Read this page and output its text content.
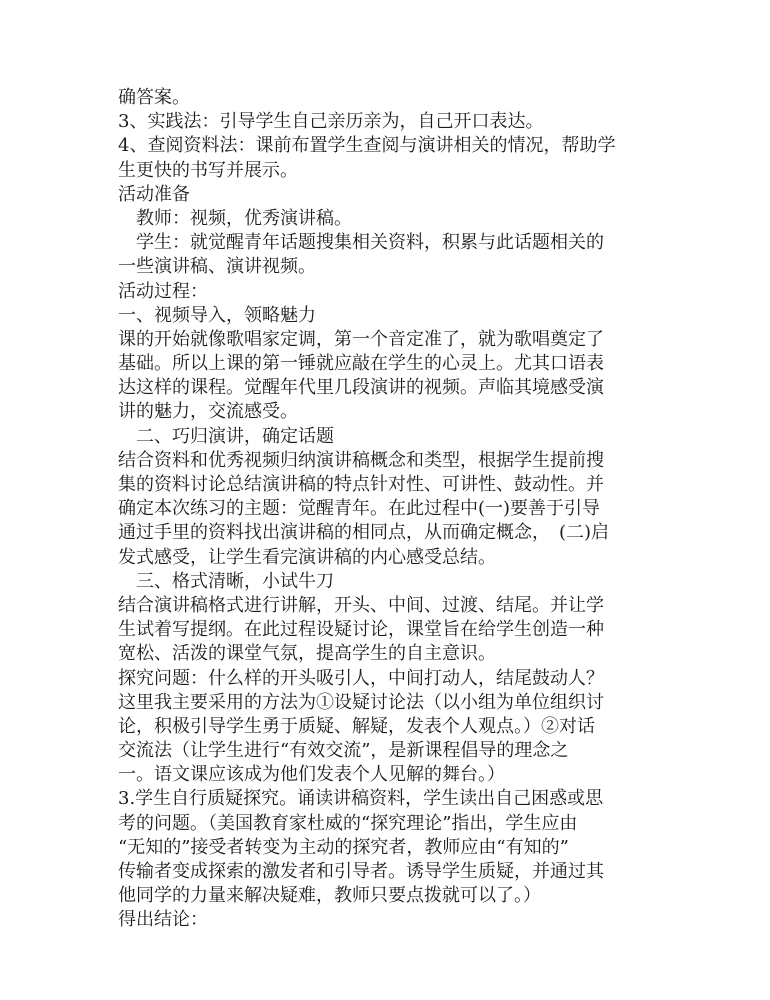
确答案。
3、实践法：引导学生自己亲历亲为，自己开口表达。
4、查阅资料法：课前布置学生查阅与演讲相关的情况，帮助学
生更快的书写并展示。
活动准备
　教师：视频，优秀演讲稿。
　学生：就觉醒青年话题搜集相关资料，积累与此话题相关的
一些演讲稿、演讲视频。
活动过程：
一、视频导入，领略魅力
课的开始就像歌唱家定调，第一个音定准了，就为歌唱奠定了
基础。所以上课的第一锤就应敲在学生的心灵上。尤其口语表
达这样的课程。觉醒年代里几段演讲的视频。声临其境感受演
讲的魅力，交流感受。
　二、巧归演讲，确定话题
结合资料和优秀视频归纳演讲稿概念和类型，根据学生提前搜
集的资料讨论总结演讲稿的特点针对性、可讲性、鼓动性。并
确定本次练习的主题：觉醒青年。在此过程中(一)要善于引导
通过手里的资料找出演讲稿的相同点，从而确定概念，　(二)启
发式感受，让学生看完演讲稿的内心感受总结。
　三、格式清晰，小试牛刀
结合演讲稿格式进行讲解，开头、中间、过渡、结尾。并让学
生试着写提纲。在此过程设疑讨论，课堂旨在给学生创造一种
宽松、活泼的课堂气氛，提高学生的自主意识。
探究问题：什么样的开头吸引人，中间打动人，结尾鼓动人？
这里我主要采用的方法为①设疑讨论法（以小组为单位组织讨
论，积极引导学生勇于质疑、解疑，发表个人观点。）②对话
交流法（让学生进行“有效交流”，是新课程倡导的理念之
一。语文课应该成为他们发表个人见解的舞台。）
3.学生自行质疑探究。诵读讲稿资料，学生读出自己困惑或思
考的问题。（美国教育家杜威的“探究理论”指出，学生应由
“无知的”接受者转变为主动的探究者，教师应由“有知的”
传输者变成探索的激发者和引导者。诱导学生质疑，并通过其
他同学的力量来解决疑难，教师只要点拨就可以了。）
得出结论：
